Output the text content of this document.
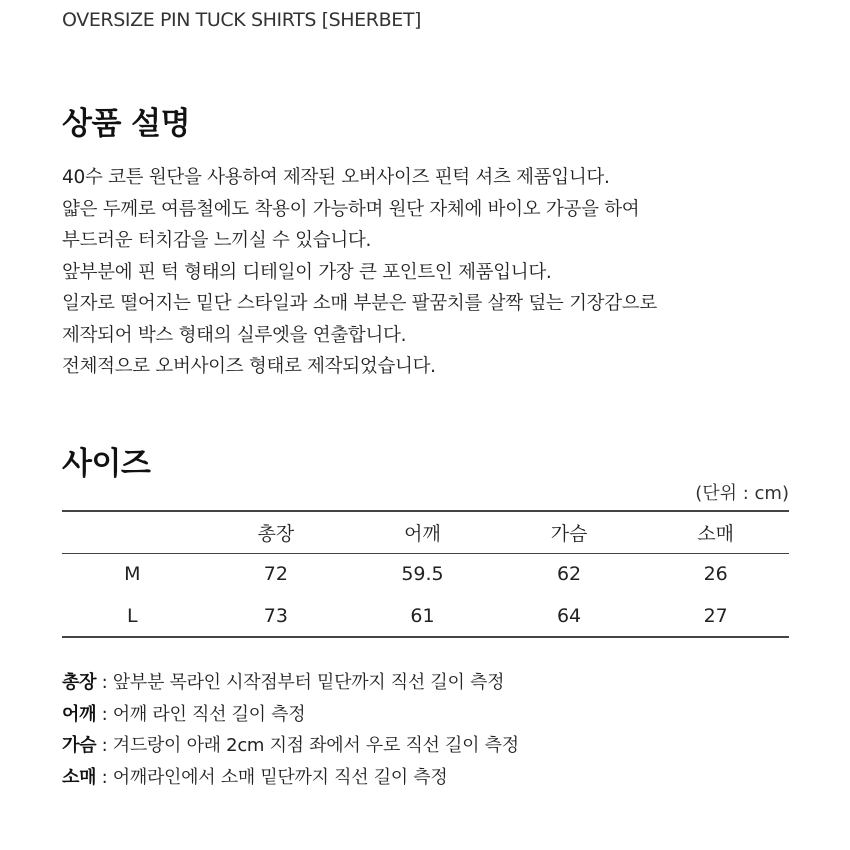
OVERSIZE PIN TUCK SHIRTS [SHERBET]
상품 설명
40수 코튼 원단을 사용하여 제작된 오버사이즈 핀턱 셔츠 제품입니다.
얇은 두께로 여름철에도 착용이 가능하며 원단 자체에 바이오 가공을 하여
부드러운 터치감을 느끼실 수 있습니다.
앞부분에 핀 턱 형태의 디테일이 가장 큰 포인트인 제품입니다.
일자로 떨어지는 밑단 스타일과 소매 부분은 팔꿈치를 살짝 덮는 기장감으로
제작되어 박스 형태의 실루엣을 연출합니다.
전체적으로 오버사이즈 형태로 제작되었습니다.
사이즈
(단위 : cm)
	총장	어깨	가슴	소매
M	72	59.5	62	26
L	73	61	64	27
총장 : 앞부분 목라인 시작점부터 밑단까지 직선 길이 측정
어깨 : 어깨 라인 직선 길이 측정
가슴 : 겨드랑이 아래 2cm 지점 좌에서 우로 직선 길이 측정
소매 : 어깨라인에서 소매 밑단까지 직선 길이 측정
